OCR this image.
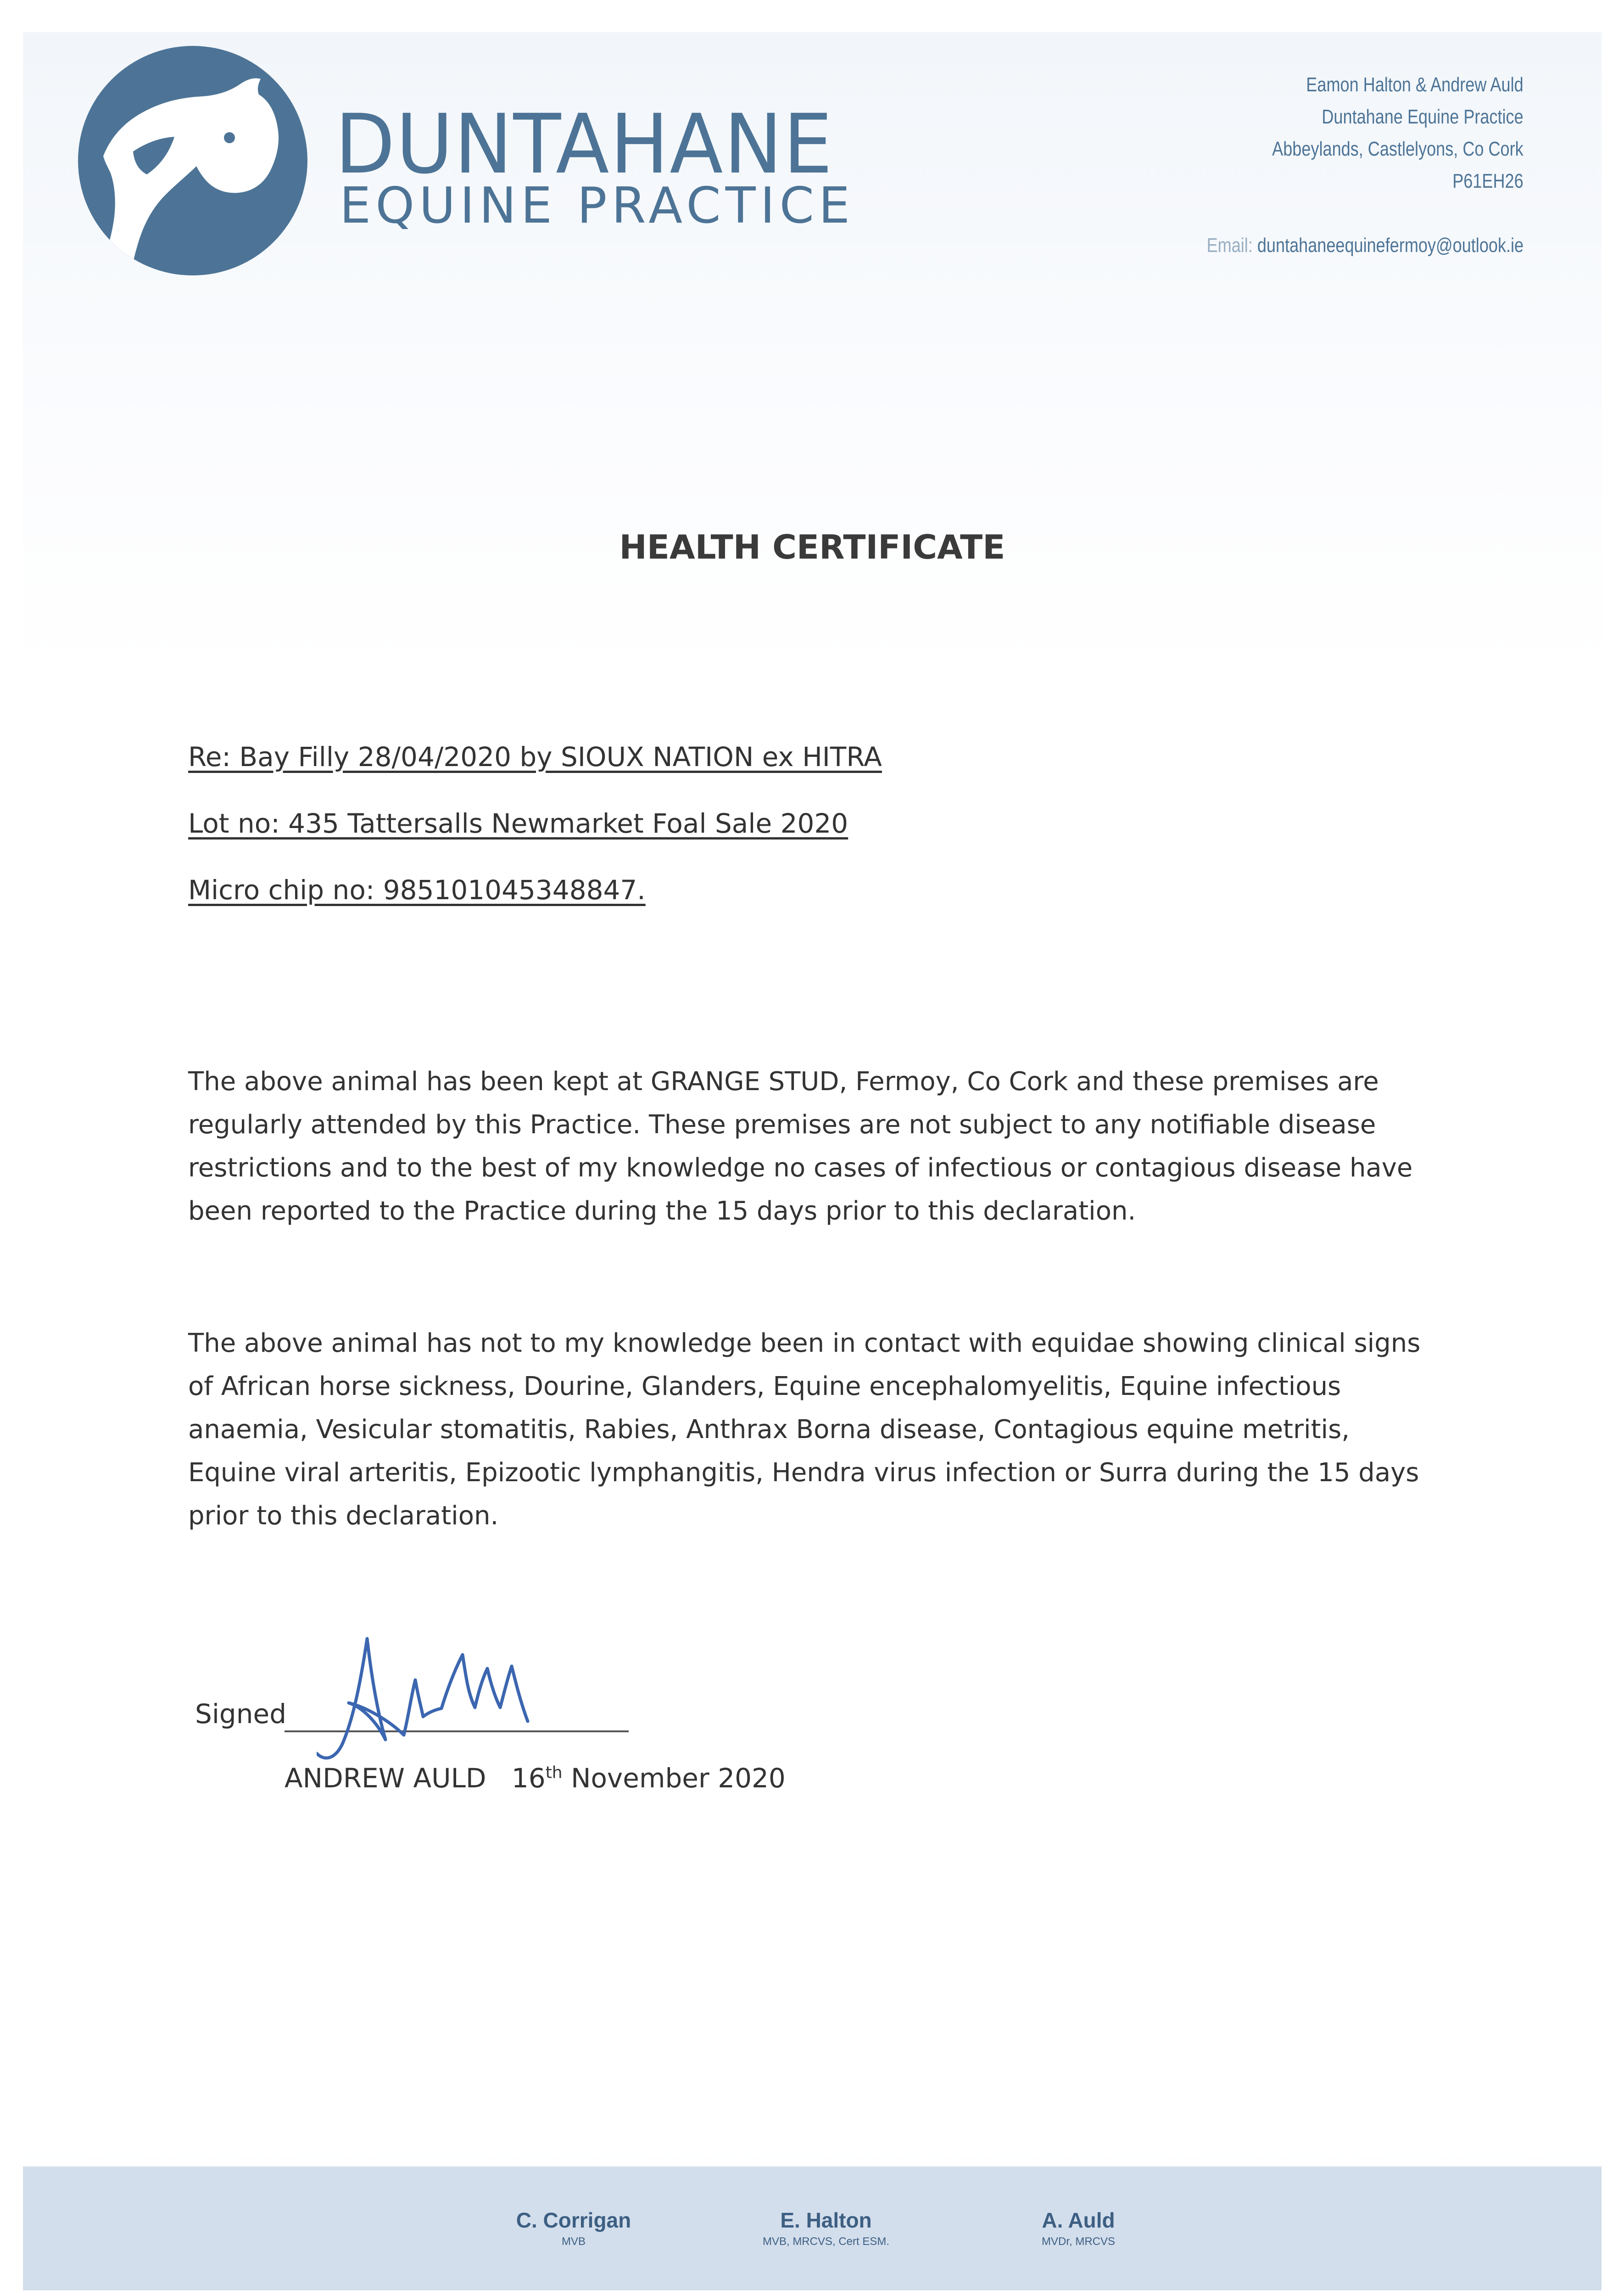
DUNTAHANE
EQUINE PRACTICE
Eamon Halton & Andrew Auld
Duntahane Equine Practice
Abbeylands, Castlelyons, Co Cork
P61EH26
Email: duntahaneequinefermoy@outlook.ie
HEALTH CERTIFICATE
Re: Bay Filly 28/04/2020 by SIOUX NATION ex HITRA
Lot no: 435 Tattersalls Newmarket Foal Sale 2020
Micro chip no: 985101045348847.
The above animal has been kept at GRANGE STUD, Fermoy, Co Cork and these premises are regularly attended by this Practice. These premises are not subject to any notifiable disease restrictions and to the best of my knowledge no cases of infectious or contagious disease have been reported to the Practice during the 15 days prior to this declaration.
The above animal has not to my knowledge been in contact with equidae showing clinical signs of African horse sickness, Dourine, Glanders, Equine encephalomyelitis, Equine infectious anaemia, Vesicular stomatitis, Rabies, Anthrax Borna disease, Contagious equine metritis, Equine viral arteritis, Epizootic lymphangitis, Hendra virus infection or Surra during the 15 days prior to this declaration.
Signed
ANDREW AULD 16th November 2020
C. Corrigan
MVB
E. Halton
MVB, MRCVS, Cert ESM.
A. Auld
MVDr, MRCVS
